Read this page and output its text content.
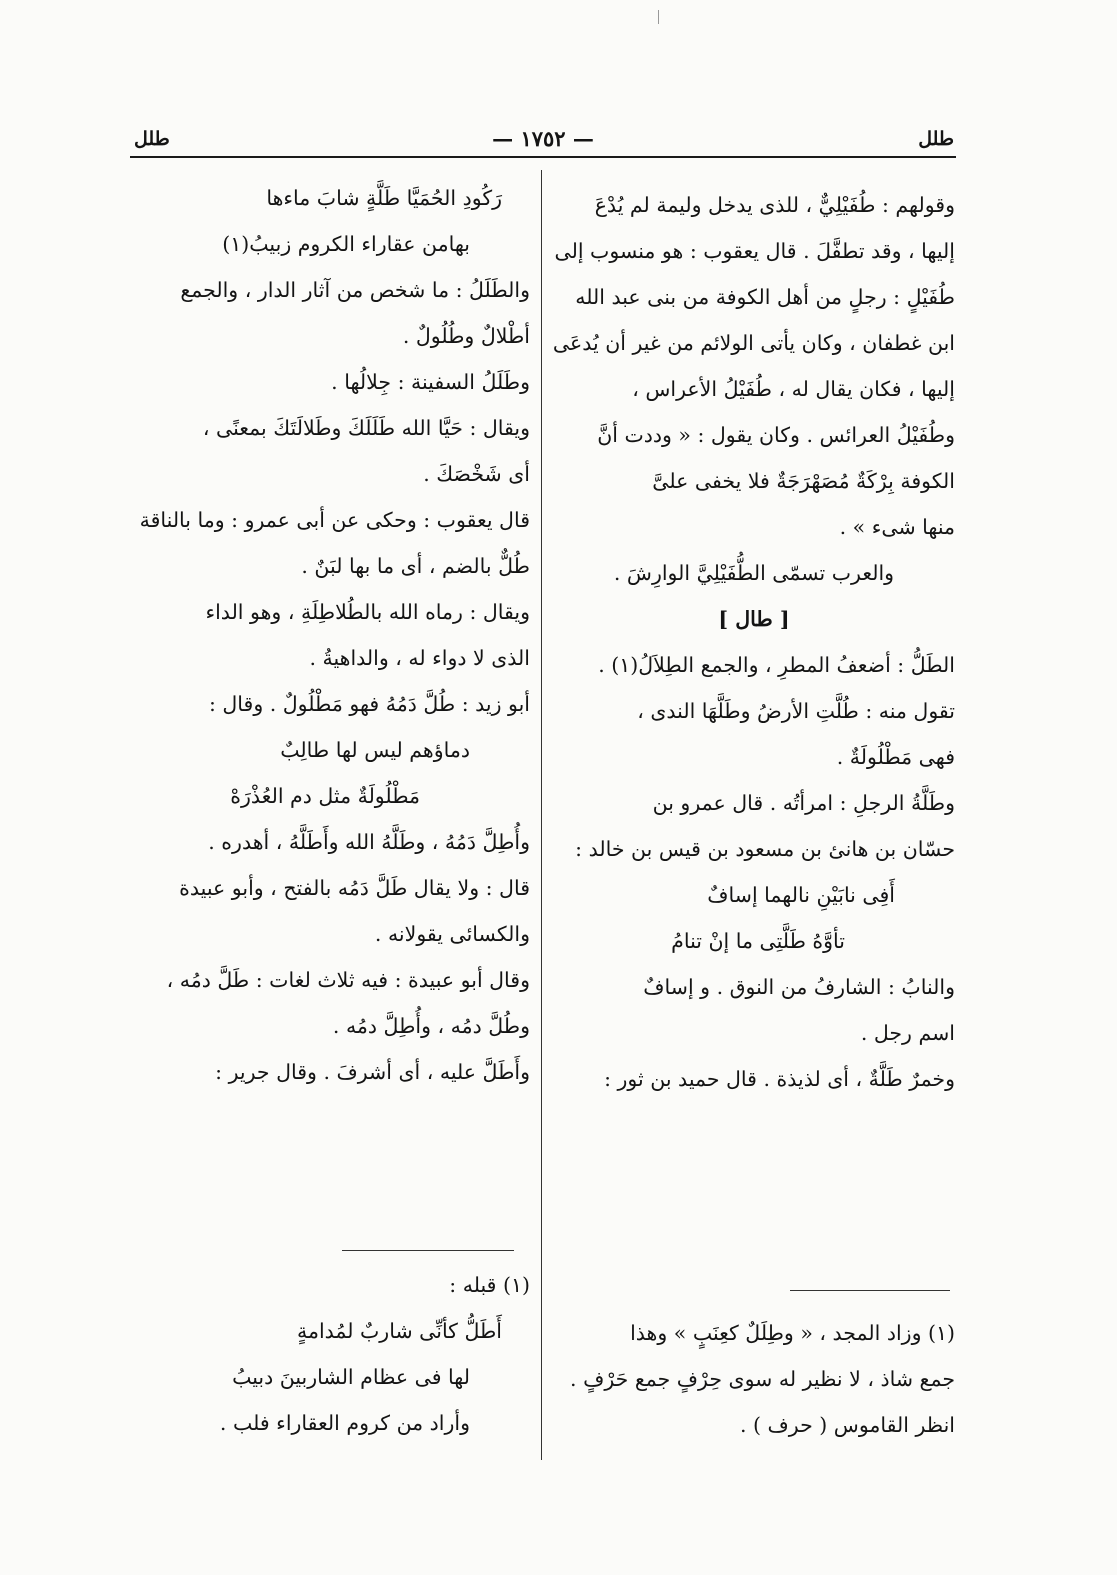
طلل
— ١٧٥٢ —
طلل
وقولهم : طُفَيْلِيٌّ ، للذى يدخل وليمة لم يُدْعَ
إليها ، وقد تطفَّلَ . قال يعقوب : هو منسوب إلى
طُفَيْلٍ : رجلٍ من أهل الكوفة من بنى عبد الله
ابن غطفان ، وكان يأتى الولائم من غير أن يُدعَى
إليها ، فكان يقال له ، طُفَيْلُ الأعراس ،
وطُفَيْلُ العرائس . وكان يقول : « وددت أنَّ
الكوفة بِرْكَةٌ مُصَهْرَجَةٌ فلا يخفى علىَّ
منها شىء » .
والعرب تسمّى الطُّفَيْلِيَّ الوارِشَ .
[ طال ]
الطَلُّ : أضعفُ المطرِ ، والجمع الطِلاَلُ(١) .
تقول منه : طُلَّتِ الأرضُ وطَلَّهَا الندى ،
فهى مَطْلُولَةٌ .
وطَلَّةُ الرجلِ : امرأتُه . قال عمرو بن
حسّان بن هانئ بن مسعود بن قيس بن خالد :
أَفِى نابَيْنِ نالهما إسافٌ
تأوَّهُ طَلَّتِى ما إنْ تنامُ
والنابُ : الشارفُ من النوق . و إسافٌ
اسم رجل .
وخمرٌ طَلَّةٌ ، أى لذيذة . قال حميد بن ثور :
(١) وزاد المجد ، « وطِلَلٌ كعِنَبٍ » وهذا
جمع شاذ ، لا نظير له سوى حِرْفٍ جمع حَرْفٍ .
انظر القاموس ( حرف ) .
رَكُودِ الحُمَيَّا طَلَّةٍ شابَ ماءها
بهامن عقاراء الكروم زبيبُ(١)
والطَلَلُ : ما شخص من آثار الدار ، والجمع
أطْلالٌ وطُلُولٌ .
وطَلَلُ السفينة : جِلالُها .
ويقال : حَيَّا الله طَلَلَكَ وطَلالَتَكَ بمعنًى ،
أى شَخْصَكَ .
قال يعقوب : وحكى عن أبى عمرو : وما بالناقة
طُلٌّ بالضم ، أى ما بها لبَنٌ .
ويقال : رماه الله بالطُلاطِلَةِ ، وهو الداء
الذى لا دواء له ، والداهيةُ .
أبو زيد : طُلَّ دَمُهُ فهو مَطْلُولٌ . وقال :
دماؤهم ليس لها طالِبٌ
مَطْلُولَةٌ مثل دم العُذْرَهْ
وأُطِلَّ دَمُهُ ، وطَلَّهُ الله وأَطَلَّهُ ، أهدره .
قال : ولا يقال طَلَّ دَمُه بالفتح ، وأبو عبيدة
والكسائى يقولانه .
وقال أبو عبيدة : فيه ثلاث لغات : طَلَّ دمُه ،
وطُلَّ دمُه ، وأُطِلَّ دمُه .
وأَطَلَّ عليه ، أى أشرفَ . وقال جرير :
(١) قبله :
أَطَلُّ كأنِّى شاربٌ لمُدامةٍ
لها فى عظام الشاربينَ دبيبُ
وأراد من كروم العقاراء فلب .
